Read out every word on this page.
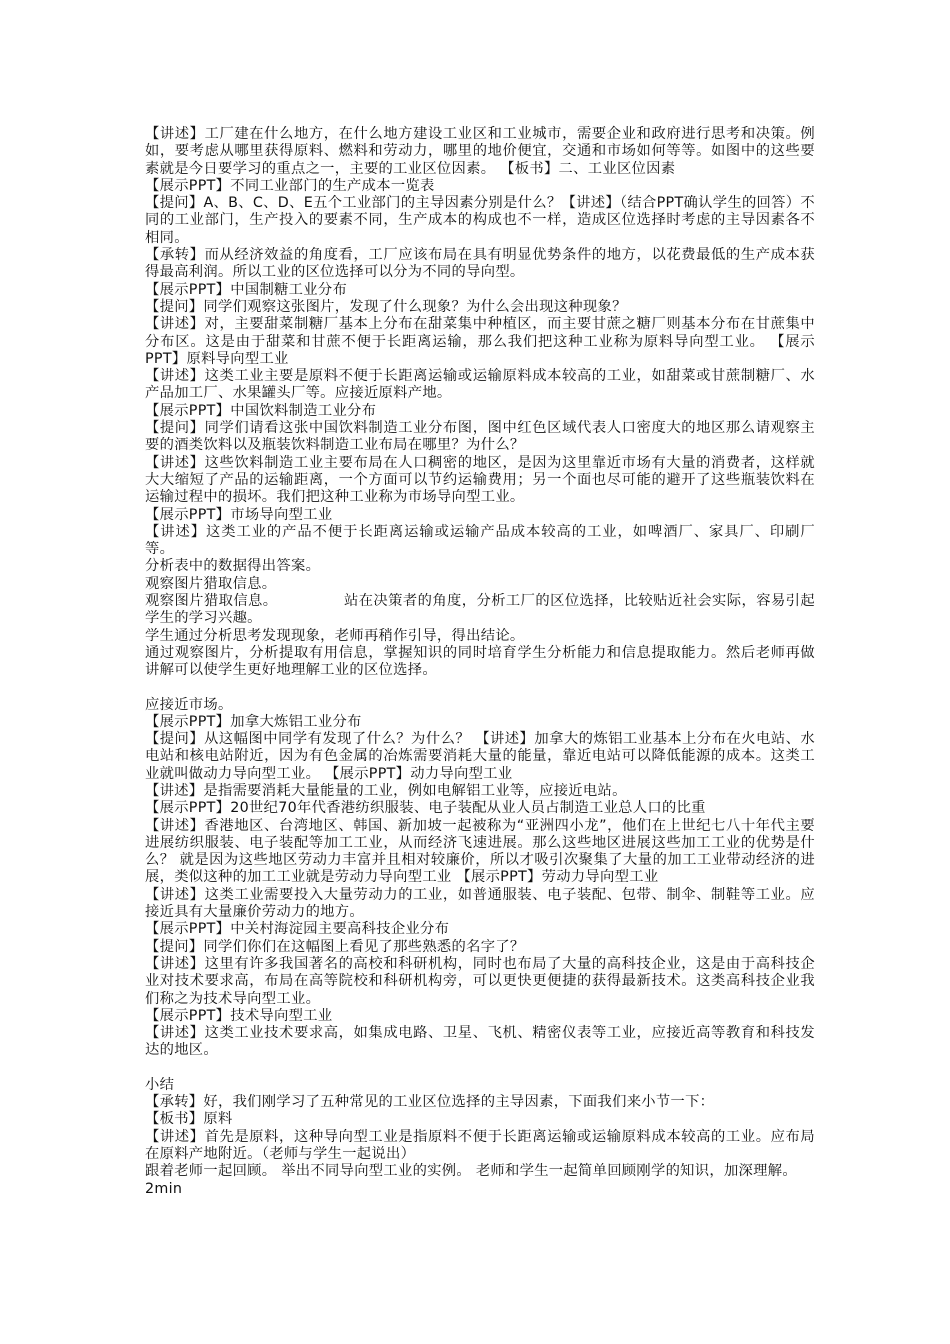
【讲述】工厂建在什么地方，在什么地方建设工业区和工业城市，需要企业和政府进行思考和决策。例如，要考虑从哪里获得原料、燃料和劳动力，哪里的地价便宜，交通和市场如何等等。如图中的这些要素就是今日要学习的重点之一，主要的工业区位因素。 【板书】二、工业区位因素

【展示PPT】不同工业部门的生产成本一览表

【提问】A、B、C、D、E五个工业部门的主导因素分别是什么？【讲述】（结合PPT确认学生的回答）不同的工业部门，生产投入的要素不同，生产成本的构成也不一样，造成区位选择时考虑的主导因素各不相同。

【承转】而从经济效益的角度看，工厂应该布局在具有明显优势条件的地方，以花费最低的生产成本获得最高利润。所以工业的区位选择可以分为不同的导向型。

【展示PPT】中国制糖工业分布

【提问】同学们观察这张图片，发现了什么现象？为什么会出现这种现象？

【讲述】对，主要甜菜制糖厂基本上分布在甜菜集中种植区，而主要甘蔗之糖厂则基本分布在甘蔗集中分布区。这是由于甜菜和甘蔗不便于长距离运输，那么我们把这种工业称为原料导向型工业。 【展示PPT】原料导向型工业

【讲述】这类工业主要是原料不便于长距离运输或运输原料成本较高的工业，如甜菜或甘蔗制糖厂、水产品加工厂、水果罐头厂等。应接近原料产地。

【展示PPT】中国饮料制造工业分布

【提问】同学们请看这张中国饮料制造工业分布图，图中红色区域代表人口密度大的地区那么请观察主要的酒类饮料以及瓶装饮料制造工业布局在哪里？为什么？

【讲述】这些饮料制造工业主要布局在人口稠密的地区，是因为这里靠近市场有大量的消费者，这样就大大缩短了产品的运输距离，一个方面可以节约运输费用；另一个面也尽可能的避开了这些瓶装饮料在运输过程中的损坏。我们把这种工业称为市场导向型工业。

【展示PPT】市场导向型工业

【讲述】这类工业的产品不便于长距离运输或运输产品成本较高的工业，如啤酒厂、家具厂、印刷厂等。

分析表中的数据得出答案。

观察图片猎取信息。

观察图片猎取信息。　　　　　站在决策者的角度，分析工厂的区位选择，比较贴近社会实际，容易引起学生的学习兴趣。

学生通过分析思考发现现象，老师再稍作引导，得出结论。

通过观察图片，分析提取有用信息，掌握知识的同时培育学生分析能力和信息提取能力。然后老师再做讲解可以使学生更好地理解工业的区位选择。

应接近市场。

【展示PPT】加拿大炼铝工业分布

【提问】从这幅图中同学有发现了什么？为什么？ 【讲述】加拿大的炼铝工业基本上分布在火电站、水电站和核电站附近，因为有色金属的冶炼需要消耗大量的能量，靠近电站可以降低能源的成本。这类工业就叫做动力导向型工业。 【展示PPT】动力导向型工业

【讲述】是指需要消耗大量能量的工业，例如电解铝工业等，应接近电站。

【展示PPT】20世纪70年代香港纺织服装、电子装配从业人员占制造工业总人口的比重

【讲述】香港地区、台湾地区、韩国、新加坡一起被称为“亚洲四小龙”，他们在上世纪七八十年代主要进展纺织服装、电子装配等加工工业，从而经济飞速进展。那么这些地区进展这些加工工业的优势是什么？ 就是因为这些地区劳动力丰富并且相对较廉价，所以才吸引次聚集了大量的加工工业带动经济的进展，类似这种的加工工业就是劳动力导向型工业 【展示PPT】劳动力导向型工业

【讲述】这类工业需要投入大量劳动力的工业，如普通服装、电子装配、包带、制伞、制鞋等工业。应接近具有大量廉价劳动力的地方。

【展示PPT】中关村海淀园主要高科技企业分布

【提问】同学们你们在这幅图上看见了那些熟悉的名字了？

【讲述】这里有许多我国著名的高校和科研机构，同时也布局了大量的高科技企业，这是由于高科技企业对技术要求高，布局在高等院校和科研机构旁，可以更快更便捷的获得最新技术。这类高科技企业我们称之为技术导向型工业。

【展示PPT】技术导向型工业

【讲述】这类工业技术要求高，如集成电路、卫星、飞机、精密仪表等工业，应接近高等教育和科技发达的地区。

小结

【承转】好，我们刚学习了五种常见的工业区位选择的主导因素，下面我们来小节一下：

【板书】原料

【讲述】首先是原料，这种导向型工业是指原料不便于长距离运输或运输原料成本较高的工业。应布局在原料产地附近。（老师与学生一起说出）

跟着老师一起回顾。 举出不同导向型工业的实例。 老师和学生一起简单回顾刚学的知识，加深理解。

2min
